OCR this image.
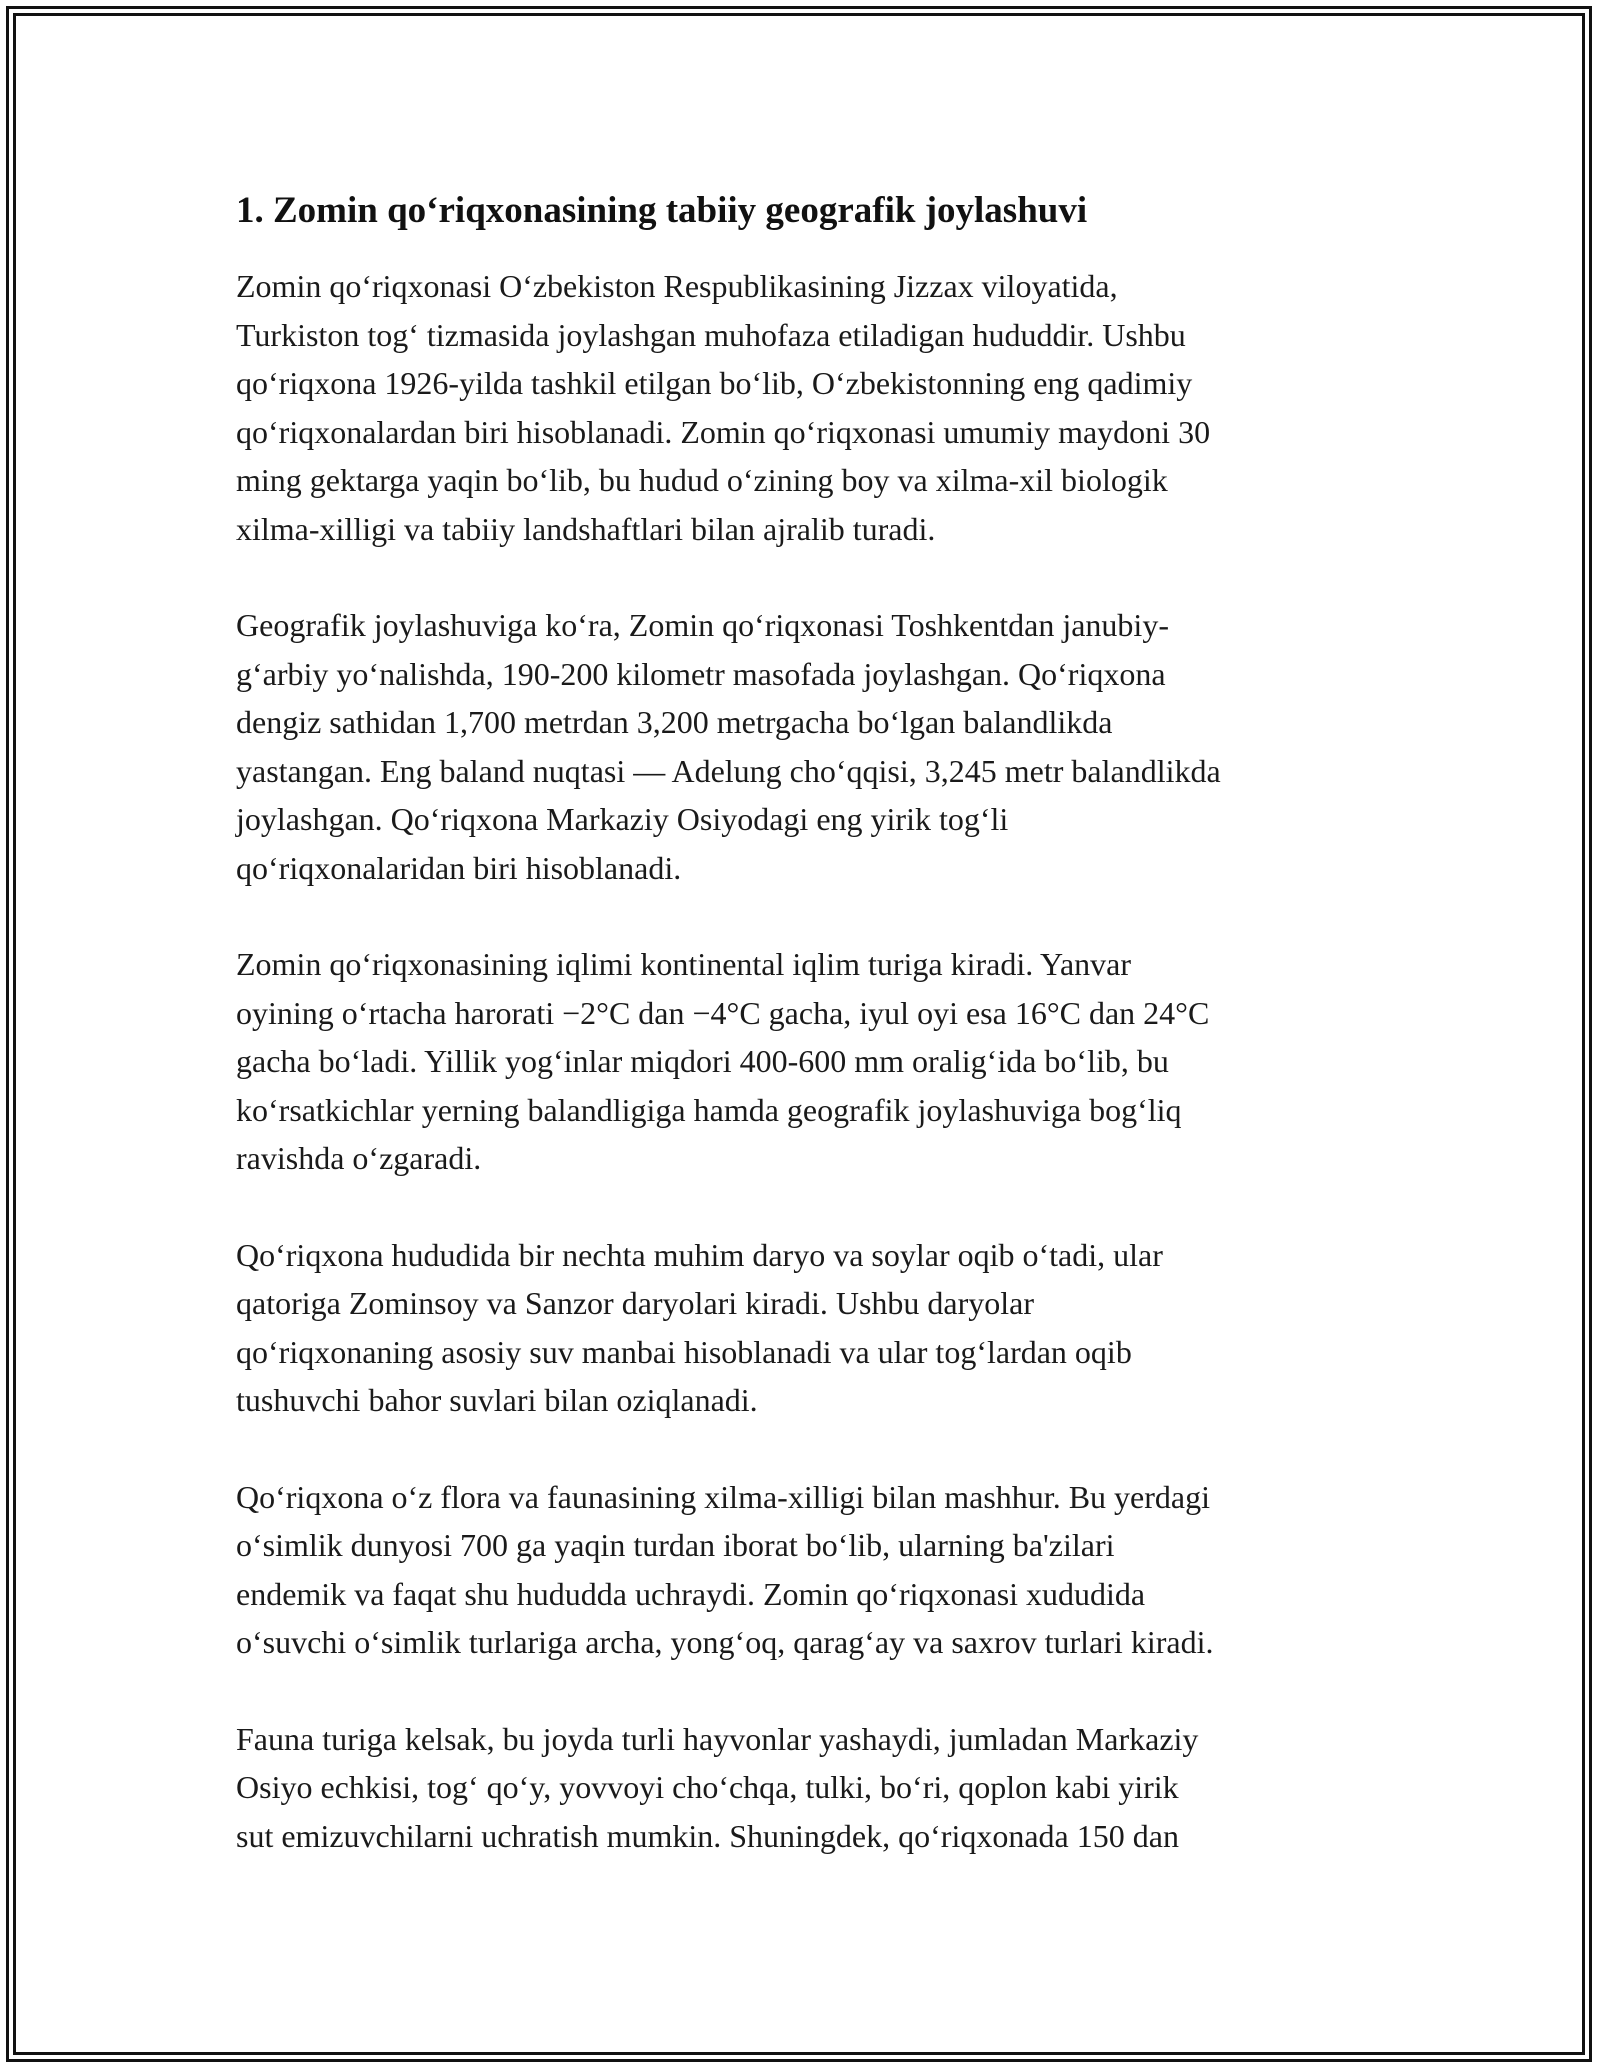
1. Zomin qo‘riqxonasining tabiiy geografik joylashuvi

Zomin qo‘riqxonasi O‘zbekiston Respublikasining Jizzax viloyatida,
Turkiston tog‘ tizmasida joylashgan muhofaza etiladigan hududdir. Ushbu
qo‘riqxona 1926-yilda tashkil etilgan bo‘lib, O‘zbekistonning eng qadimiy
qo‘riqxonalardan biri hisoblanadi. Zomin qo‘riqxonasi umumiy maydoni 30
ming gektarga yaqin bo‘lib, bu hudud o‘zining boy va xilma-xil biologik
xilma-xilligi va tabiiy landshaftlari bilan ajralib turadi.

Geografik joylashuviga ko‘ra, Zomin qo‘riqxonasi Toshkentdan janubiy-
g‘arbiy yo‘nalishda, 190-200 kilometr masofada joylashgan. Qo‘riqxona
dengiz sathidan 1,700 metrdan 3,200 metrgacha bo‘lgan balandlikda
yastangan. Eng baland nuqtasi — Adelung cho‘qqisi, 3,245 metr balandlikda
joylashgan. Qo‘riqxona Markaziy Osiyodagi eng yirik tog‘li
qo‘riqxonalaridan biri hisoblanadi.

Zomin qo‘riqxonasining iqlimi kontinental iqlim turiga kiradi. Yanvar
oyining o‘rtacha harorati −2°C dan −4°C gacha, iyul oyi esa 16°C dan 24°C
gacha bo‘ladi. Yillik yog‘inlar miqdori 400-600 mm oralig‘ida bo‘lib, bu
ko‘rsatkichlar yerning balandligiga hamda geografik joylashuviga bog‘liq
ravishda o‘zgaradi.

Qo‘riqxona hududida bir nechta muhim daryo va soylar oqib o‘tadi, ular
qatoriga Zominsoy va Sanzor daryolari kiradi. Ushbu daryolar
qo‘riqxonaning asosiy suv manbai hisoblanadi va ular tog‘lardan oqib
tushuvchi bahor suvlari bilan oziqlanadi.

Qo‘riqxona o‘z flora va faunasining xilma-xilligi bilan mashhur. Bu yerdagi
o‘simlik dunyosi 700 ga yaqin turdan iborat bo‘lib, ularning ba'zilari
endemik va faqat shu hududda uchraydi. Zomin qo‘riqxonasi xududida
o‘suvchi o‘simlik turlariga archa, yong‘oq, qarag‘ay va saxrov turlari kiradi.

Fauna turiga kelsak, bu joyda turli hayvonlar yashaydi, jumladan Markaziy
Osiyo echkisi, tog‘ qo‘y, yovvoyi cho‘chqa, tulki, bo‘ri, qoplon kabi yirik
sut emizuvchilarni uchratish mumkin. Shuningdek, qo‘riqxonada 150 dan
